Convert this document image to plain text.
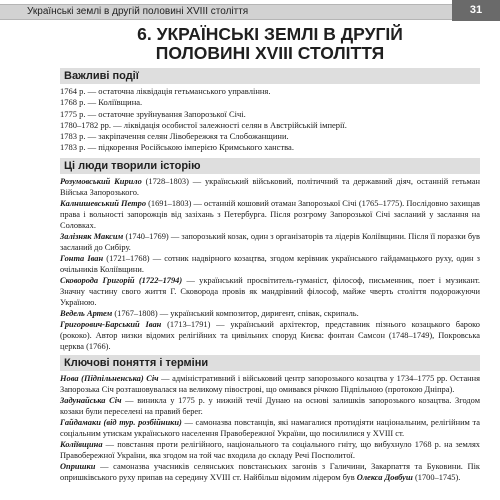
Українські землі в другій половині XVIII століття	31
6. УКРАЇНСЬКІ ЗЕМЛІ В ДРУГІЙ
ПОЛОВИНІ XVIII СТОЛІТТЯ
Важливі події
1764 р. — остаточна ліквідація гетьманського управління.
1768 р. — Коліївщина.
1775 р. — остаточне зруйнування Запорозької Січі.
1780–1782 рр. — ліквідація особистої залежності селян в Австрійській імперії.
1783 р. — закріпачення селян Лівобережжя та Слобожанщини.
1783 р. — підкорення Російською імперією Кримського ханства.
Ці люди творили історію
Розумовський Кирило (1728–1803) — український військовий, політичний та державний діяч, останній гетьман Війська Запорозького.
Калнишевський Петро (1691–1803) — останній кошовий отаман Запорозької Січі (1765–1775). Послідовно захищав права і вольності запорожців від зазіхань з Петербурга. Після розгрому Запорозької Січі засланий у заслання на Соловках.
Залізняк Максим (1740–1769) — запорозький козак, один з організаторів та лідерів Коліївщини. Після її поразки був засланий до Сибіру.
Гонта Іван (1721–1768) — сотник надвірного козацтва, згодом керівник українського гайдамацького руху, один з очільників Коліївщини.
Сковорода Григорій (1722–1794) — український просвітитель-гуманіст, філософ, письменник, поет і музикант. Значну частину свого життя Г. Сковорода провів як мандрівний філософ, майже чверть століття подорожуючи Україною.
Ведель Артем (1767–1808) — український композитор, диригент, співак, скрипаль.
Григорович-Барський Іван (1713–1791) — український архітектор, представник пізнього козацького бароко (рококо). Автор низки відомих релігійних та цивільних споруд Києва: фонтан Самсон (1748–1749), Покровська церква (1766).
Ключові поняття і терміни
Нова (Підпільненська) Січ — адміністративний і військовий центр запорозького козацтва у 1734–1775 рр. Остання Запорозька Січ розташовувалася на великому півострові, що омивався річкою Підпільною (протокою Дніпра).
Задунайська Січ — виникла у 1775 р. у нижній течії Дунаю на основі залишків запорозького козацтва. Згодом козаки були переселені на правий берег.
Гайдамаки (від тур. розбійники) — самоназва повстанців, які намагалися протидіяти національним, релігійним та соціальним утискам українського населення Правобережної України, що посилилися у XVIII ст.
Коліївщина — повстання проти релігійного, національного та соціального гніту, що вибухнуло 1768 р. на землях Правобережної України, яка згодом на той час входила до складу Речі Посполитої.
Опришки — самоназва учасників селянських повстанських загонів з Галичини, Закарпаття та Буковини. Пік опришківського руху припав на середину XVIII ст. Найбільш відомим лідером був Олекса Довбуш (1700–1745).
